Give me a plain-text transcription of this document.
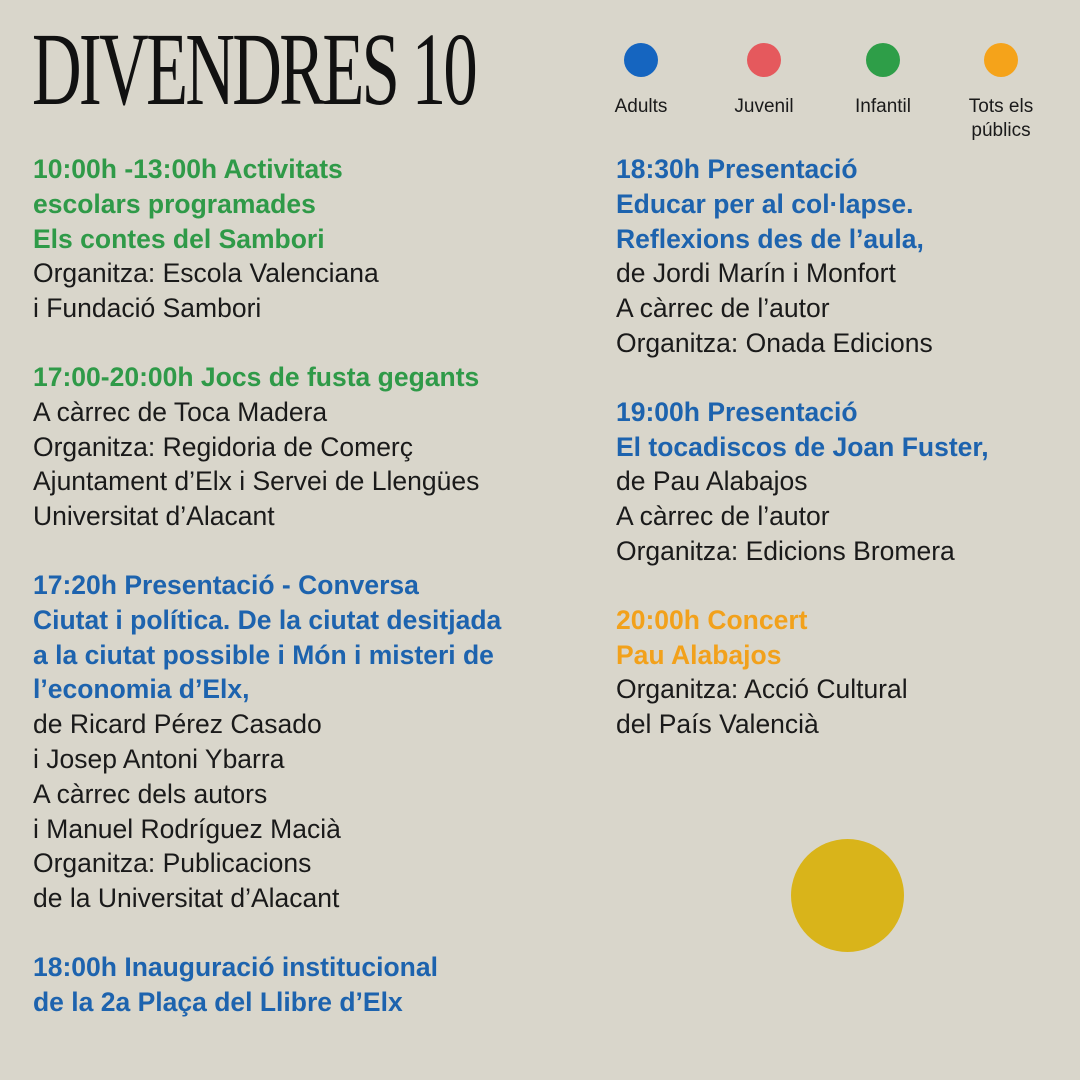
DIVENDRES 10	Adults	Juvenil	Infantil	Tots els
públics
10:00h -13:00h Activitats
escolars programades
Els contes del Sambori
Organitza: Escola Valenciana
i Fundació Sambori
17:00-20:00h Jocs de fusta gegants
A càrrec de Toca Madera
Organitza: Regidoria de Comerç
Ajuntament d’Elx i Servei de Llengües
Universitat d’Alacant
17:20h Presentació - Conversa
Ciutat i política. De la ciutat desitjada
a la ciutat possible i Món i misteri de
l’economia d’Elx,
de Ricard Pérez Casado
i Josep Antoni Ybarra
A càrrec dels autors
i Manuel Rodríguez Macià
Organitza: Publicacions
de la Universitat d’Alacant
18:00h Inauguració institucional
de la 2a Plaça del Llibre d’Elx
18:30h Presentació
Educar per al col·lapse.
Reflexions des de l’aula,
de Jordi Marín i Monfort
A càrrec de l’autor
Organitza: Onada Edicions
19:00h Presentació
El tocadiscos de Joan Fuster,
de Pau Alabajos
A càrrec de l’autor
Organitza: Edicions Bromera
20:00h Concert
Pau Alabajos
Organitza: Acció Cultural
del País Valencià
